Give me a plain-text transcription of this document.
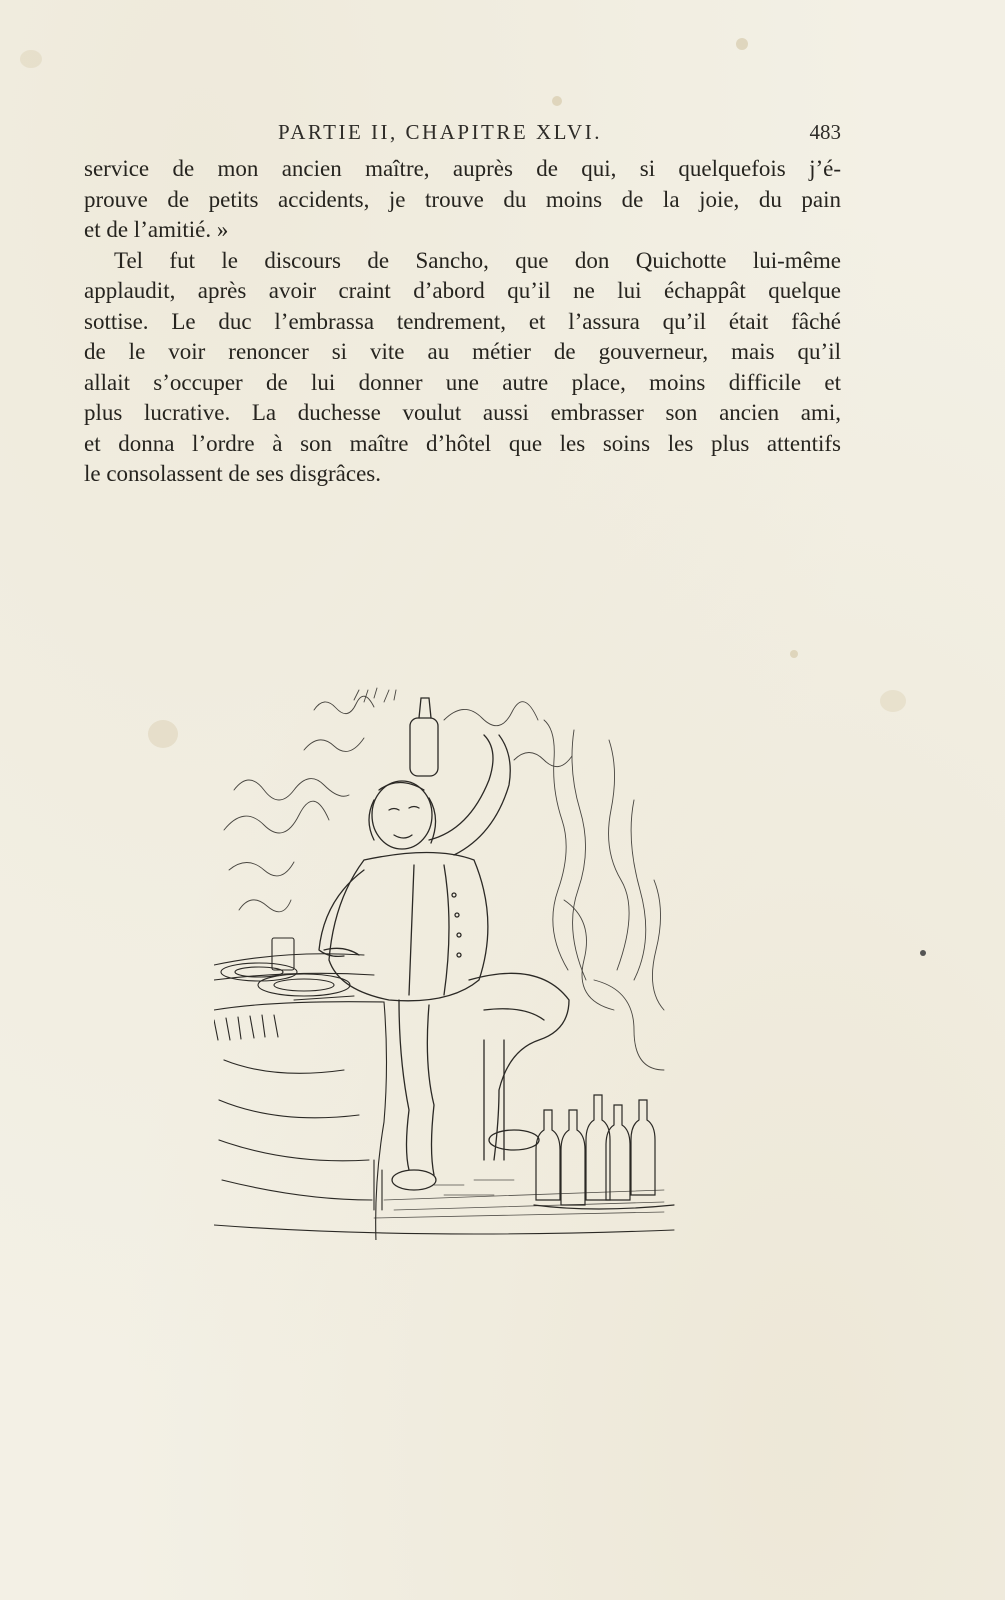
PARTIE II, CHAPITRE XLVI.	483
service de mon ancien maître, auprès de qui, si quelquefois j’é-
prouve de petits accidents, je trouve du moins de la joie, du pain
et de l’amitié. »
Tel fut le discours de Sancho, que don Quichotte lui-même
applaudit, après avoir craint d’abord qu’il ne lui échappât quelque
sottise. Le duc l’embrassa tendrement, et l’assura qu’il était fâché
de le voir renoncer si vite au métier de gouverneur, mais qu’il
allait s’occuper de lui donner une autre place, moins difficile et
plus lucrative. La duchesse voulut aussi embrasser son ancien ami,
et donna l’ordre à son maître d’hôtel que les soins les plus attentifs
le consolassent de ses disgrâces.
